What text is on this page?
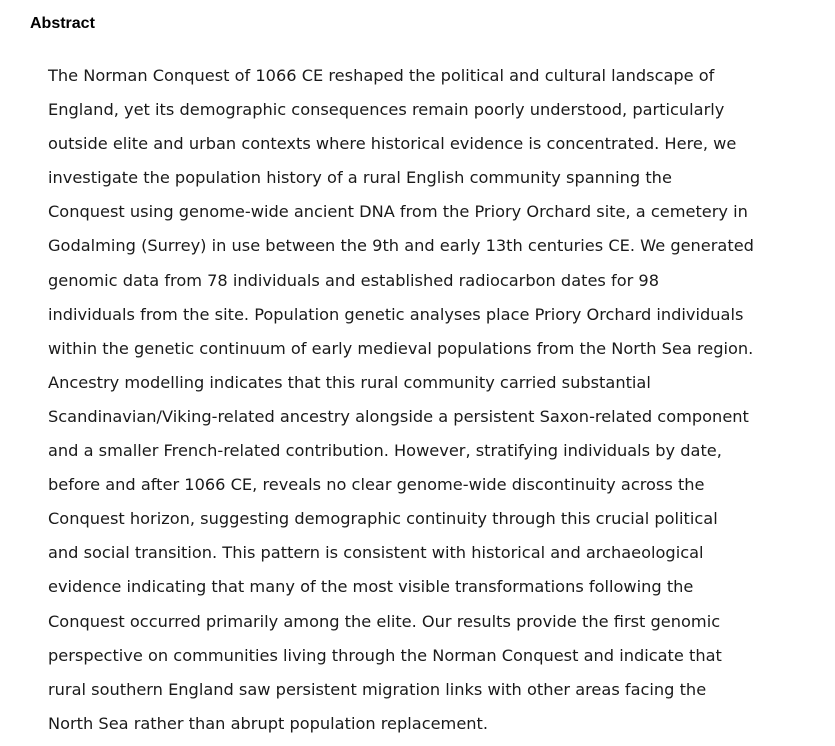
Abstract

The Norman Conquest of 1066 CE reshaped the political and cultural landscape of
England, yet its demographic consequences remain poorly understood, particularly
outside elite and urban contexts where historical evidence is concentrated. Here, we
investigate the population history of a rural English community spanning the
Conquest using genome-wide ancient DNA from the Priory Orchard site, a cemetery in
Godalming (Surrey) in use between the 9th and early 13th centuries CE. We generated
genomic data from 78 individuals and established radiocarbon dates for 98
individuals from the site. Population genetic analyses place Priory Orchard individuals
within the genetic continuum of early medieval populations from the North Sea region.
Ancestry modelling indicates that this rural community carried substantial
Scandinavian/Viking-related ancestry alongside a persistent Saxon-related component
and a smaller French-related contribution. However, stratifying individuals by date,
before and after 1066 CE, reveals no clear genome-wide discontinuity across the
Conquest horizon, suggesting demographic continuity through this crucial political
and social transition. This pattern is consistent with historical and archaeological
evidence indicating that many of the most visible transformations following the
Conquest occurred primarily among the elite. Our results provide the first genomic
perspective on communities living through the Norman Conquest and indicate that
rural southern England saw persistent migration links with other areas facing the
North Sea rather than abrupt population replacement.
